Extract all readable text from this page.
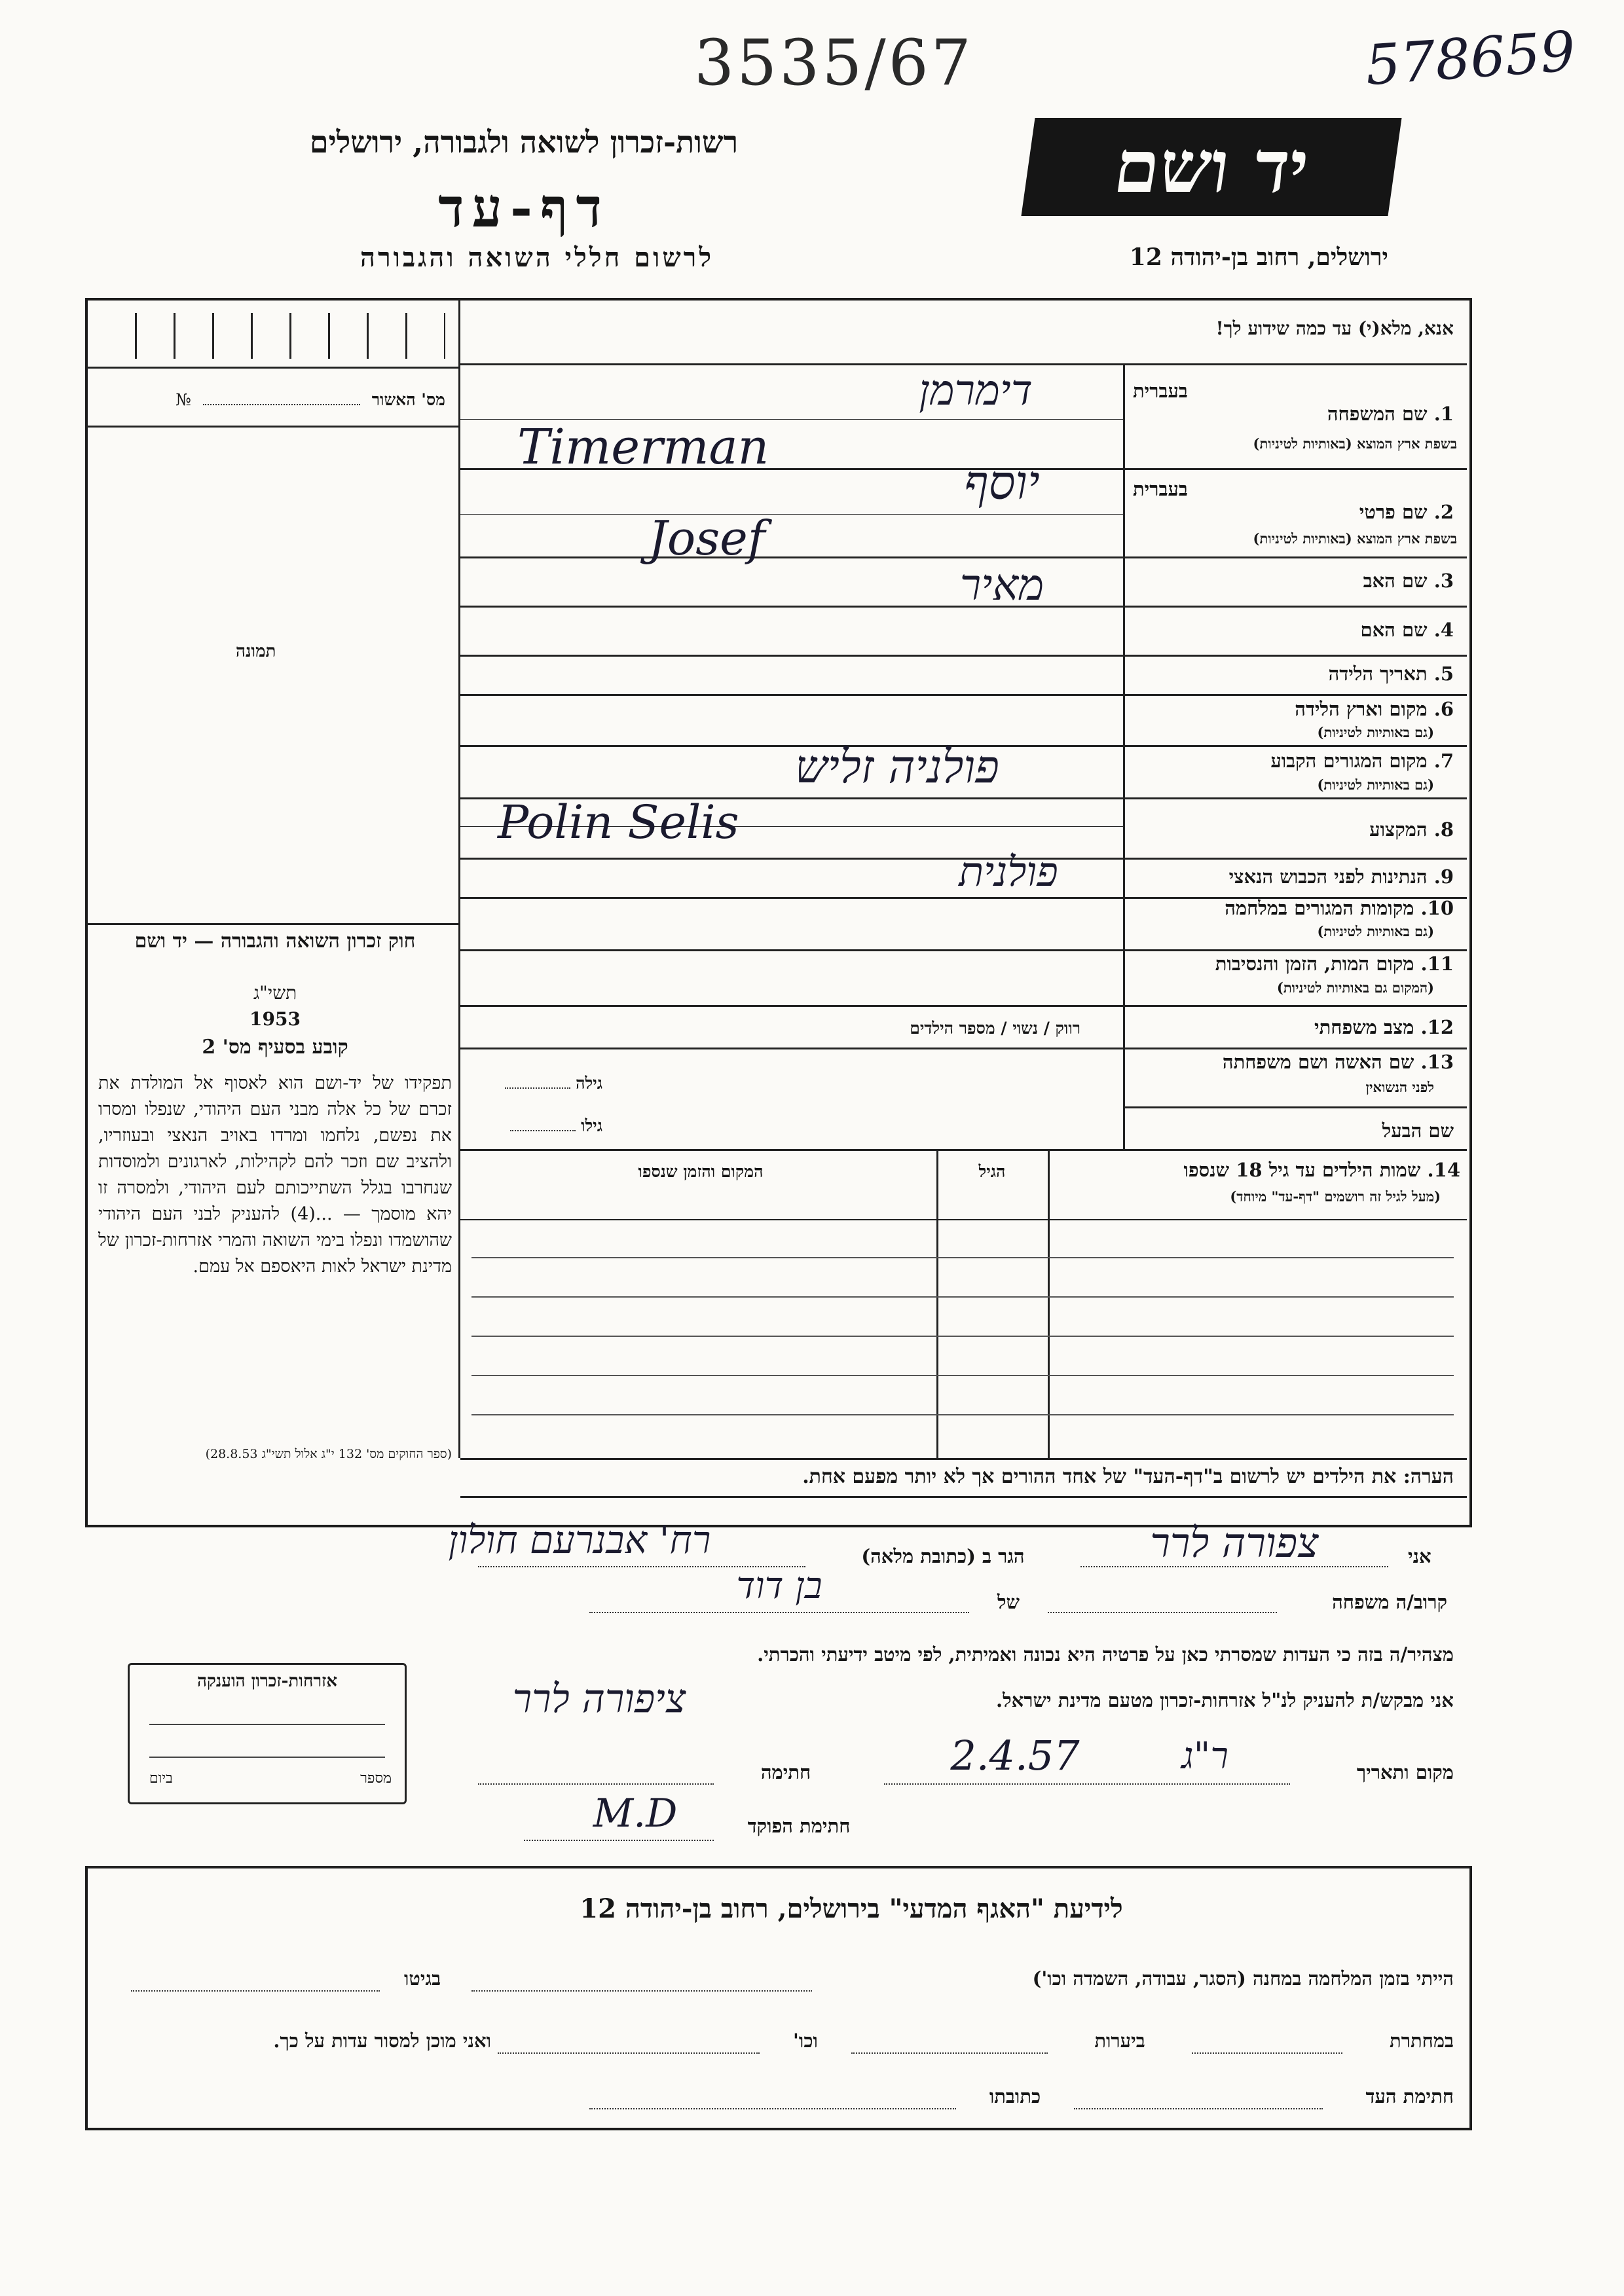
3535/67	578659
רשות-זכרון לשואה ולגבורה, ירושלים
דף-עד
לרשום חללי השואה והגבורה
יד ושם
ירושלים, רחוב בן-יהודה 12
מס' האשור  №
תמונה
חוק זכרון השואה והגבורה — יד ושם
תשי"ג
1953
קובע בסעיף מס' 2
תפקידו של יד-ושם הוא לאסוף אל המולדת את זכרם של כל אלה מבני העם היהודי, שנפלו ומסרו את נפשם, נלחמו ומרדו באויב הנאצי ובעוזריו, ולהציב שם וזכר להם לקהילות, לארגונים ולמוסדות שנחרבו בגלל השתייכותם לעם היהודי, ולמסרה זו יהא מוסמך — ...(4) להעניק לבני העם היהודי שהושמדו ונפלו בימי השואה והמרי אזרחות-זכרון של מדינת ישראל לאות היאספם אל עמם.
(ספר החוקים מס' 132 י"ג אלול תשי"ג 28.8.53)
אנא, מלא(י) עד כמה שידוע לך!
1. שם המשפחה
בעברית
בשפת ארץ המוצא (באותיות לטיניות)
דימרמן
Timerman
2. שם פרטי
בעברית
בשפת ארץ המוצא (באותיות לטיניות)
יוסף
Josef
3. שם האב
מאיר
4. שם האם
5. תאריך הלידה
6. מקום וארץ הלידה
(גם באותיות לטיניות)
7. מקום המגורים הקבוע
(גם באותיות לטיניות)
פולניה זליש
Polin Selis	8. המקצוע
9. הנתינות לפני הכבוש הנאצי
פולנית
10. מקומות המגורים במלחמה
(גם באותיות לטיניות)
11. מקום המות, הזמן והנסיבות
(המקום גם באותיות לטיניות)
12. מצב משפחתי
רווק / נשוי / מספר הילדים
13. שם האשה ושם משפחתה
לפני הנשואין
גילה
שם הבעל
גילו
14. שמות הילדים עד גיל 18 שנספו
(מעל לגיל זה רושמים "דף-עד" מיוחד)
הגיל
המקום והזמן שנספו
הערה: את הילדים יש לרשום ב"דף-העד" של אחד ההורים אך לא יותר מפעם אחת.
אני
צפורה לרר
הגר ב (כתובת מלאה)
רח' אבנרעם חולון
קרוב/ה משפחה
של
בן דוד
מצהיר/ה בזה כי העדות שמסרתי כאן על פרטיה היא נכונה ואמיתית, לפי מיטב ידיעתי והכרתי.
אני מבקש/ת להעניק לנ"ל אזרחות-זכרון מטעם מדינת ישראל.
ציפורה לרר
מקום ותאריך
ר"ג
2.4.57
חתימה
חתימת הפוקד
M.D
אזרחות-זכרון הוענקה
מספר
ביום
לידיעת "האגף המדעי" בירושלים, רחוב בן-יהודה 12
הייתי בזמן המלחמה במחנה (הסגר, עבודה, השמדה וכו')
בגיטו
במחתרת
ביערות
וכו'
ואני מוכן למסור עדות על כך.
חתימת העד
כתובתו
